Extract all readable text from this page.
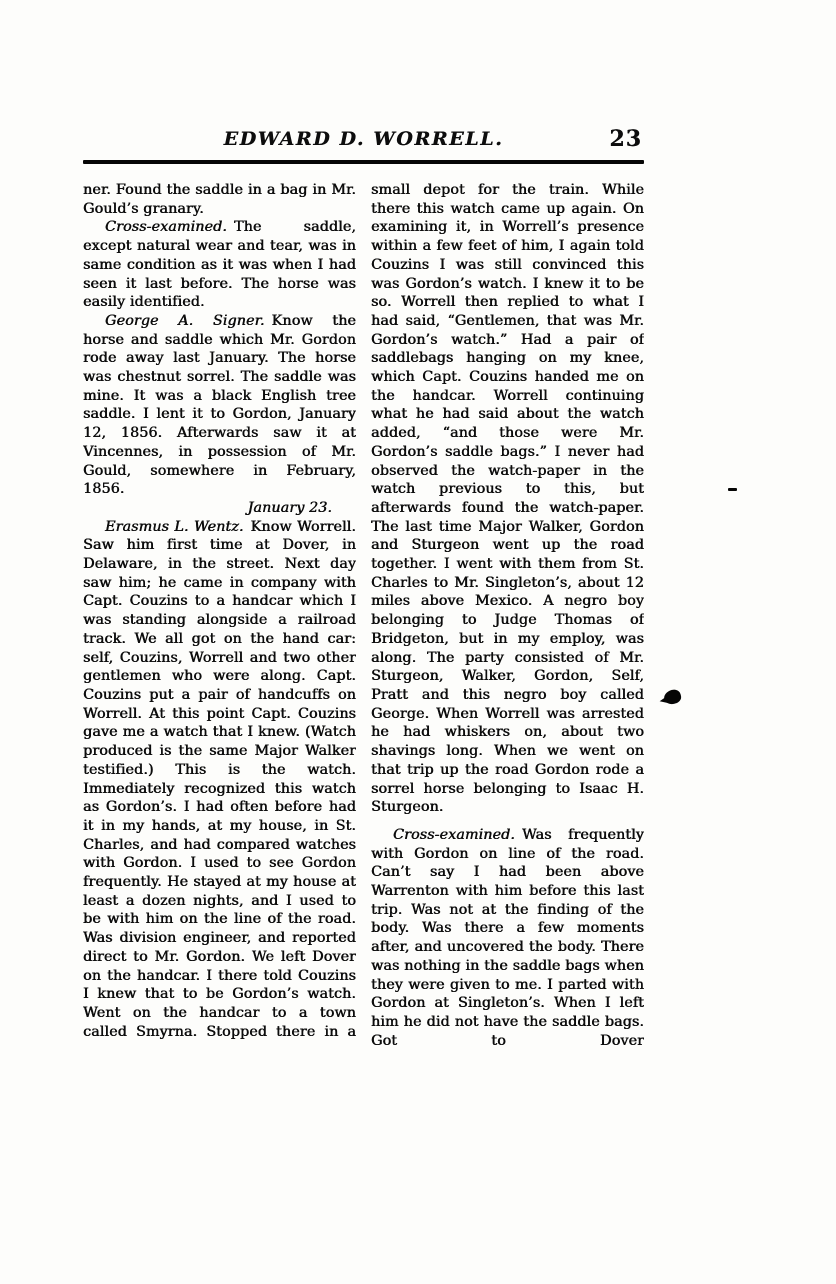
EDWARD D. WORRELL.	23

ner. Found the saddle in a bag in Mr. Gould’s granary.

Cross-examined. The saddle, except natural wear and tear, was in same condition as it was when I had seen it last before. The horse was easily identified.

George A. Signer. Know the horse and saddle which Mr. Gordon rode away last January. The horse was chestnut sorrel. The saddle was mine. It was a black English tree saddle. I lent it to Gordon, January 12, 1856. Afterwards saw it at Vincennes, in possession of Mr. Gould, somewhere in February, 1856.

January 23.

Erasmus L. Wentz. Know Worrell. Saw him first time at Dover, in Delaware, in the street. Next day saw him; he came in company with Capt. Couzins to a handcar which I was standing alongside a railroad track. We all got on the hand car: self, Couzins, Worrell and two other gentlemen who were along. Capt. Couzins put a pair of handcuffs on Worrell. At this point Capt. Couzins gave me a watch that I knew. (Watch produced is the same Major Walker testified.) This is the watch. Immediately recognized this watch as Gordon’s. I had often before had it in my hands, at my house, in St. Charles, and had compared watches with Gordon. I used to see Gordon frequently. He stayed at my house at least a dozen nights, and I used to be with him on the line of the road. Was division engineer, and reported direct to Mr. Gordon. We left Dover on the handcar. I there told Couzins I knew that to be Gordon’s watch. Went on the handcar to a town called Smyrna. Stopped there in a

small depot for the train. While there this watch came up again. On examining it, in Worrell’s presence within a few feet of him, I again told Couzins I was still convinced this was Gordon’s watch. I knew it to be so. Worrell then replied to what I had said, “Gentlemen, that was Mr. Gordon’s watch.” Had a pair of saddlebags hanging on my knee, which Capt. Couzins handed me on the handcar. Worrell continuing what he had said about the watch added, “and those were Mr. Gordon’s saddle bags.” I never had observed the watch-paper in the watch previous to this, but afterwards found the watch-paper. The last time Major Walker, Gordon and Sturgeon went up the road together. I went with them from St. Charles to Mr. Singleton’s, about 12 miles above Mexico. A negro boy belonging to Judge Thomas of Bridgeton, but in my employ, was along. The party consisted of Mr. Sturgeon, Walker, Gordon, Self, Pratt and this negro boy called George. When Worrell was arrested he had whiskers on, about two shavings long. When we went on that trip up the road Gordon rode a sorrel horse belonging to Isaac H. Sturgeon.

Cross-examined. Was frequently with Gordon on line of the road. Can’t say I had been above Warrenton with him before this last trip. Was not at the finding of the body. Was there a few moments after, and uncovered the body. There was nothing in the saddle bags when they were given to me. I parted with Gordon at Singleton’s. When I left him he did not have the saddle bags. Got to Dover
